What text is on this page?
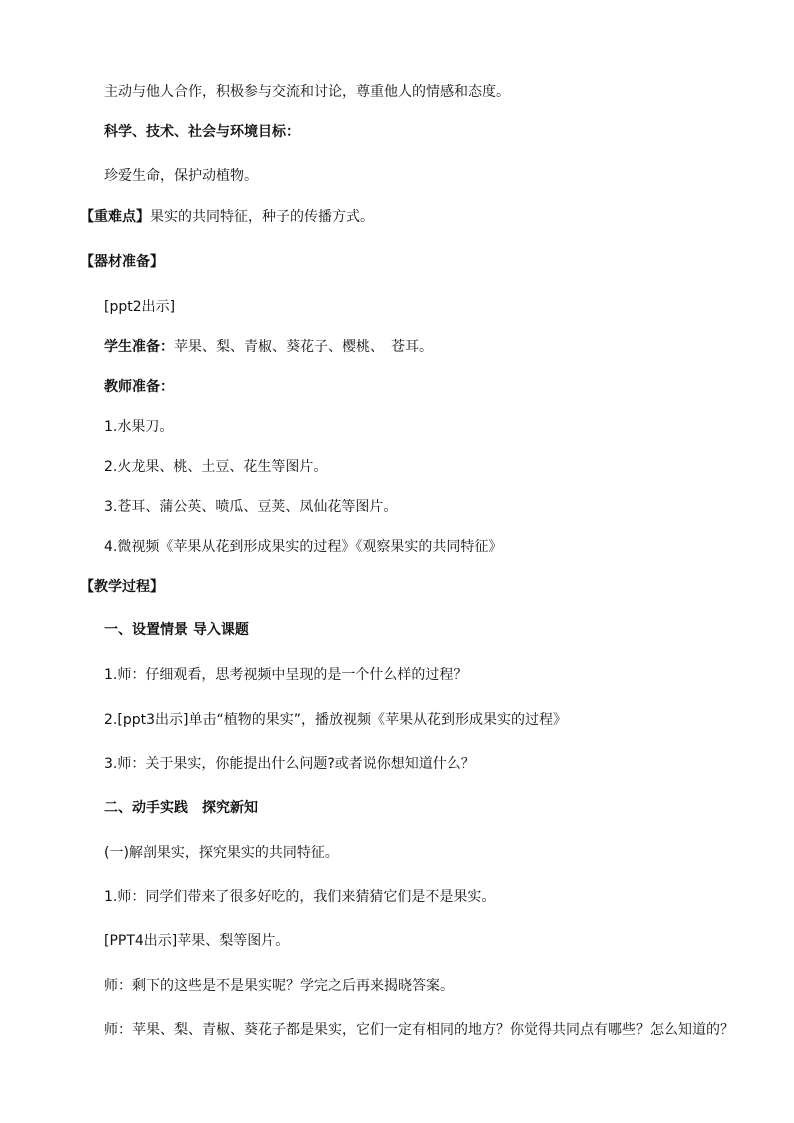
主动与他人合作，积极参与交流和讨论，尊重他人的情感和态度。
科学、技术、社会与环境目标：
珍爱生命，保护动植物。
【重难点】果实的共同特征，种子的传播方式。
【器材准备】
[ppt2出示]
学生准备：苹果、梨、青椒、葵花子、樱桃、　苍耳。
教师准备：
1.水果刀。
2.火龙果、桃、土豆、花生等图片。
3.苍耳、蒲公英、喷瓜、豆荚、凤仙花等图片。
4.微视频《苹果从花到形成果实的过程》《观察果实的共同特征》
【教学过程】
一、设置情景 导入课题
1.师：仔细观看，思考视频中呈现的是一个什么样的过程？
2.[ppt3出示]单击“植物的果实”，播放视频《苹果从花到形成果实的过程》
3.师：关于果实，你能提出什么问题?或者说你想知道什么？
二、动手实践　探究新知
(一)解剖果实，探究果实的共同特征。
1.师：同学们带来了很多好吃的，我们来猜猜它们是不是果实。
[PPT4出示]苹果、梨等图片。
师：剩下的这些是不是果实呢？学完之后再来揭晓答案。
师：苹果、梨、青椒、葵花子都是果实，它们一定有相同的地方？你觉得共同点有哪些？怎么知道的？
